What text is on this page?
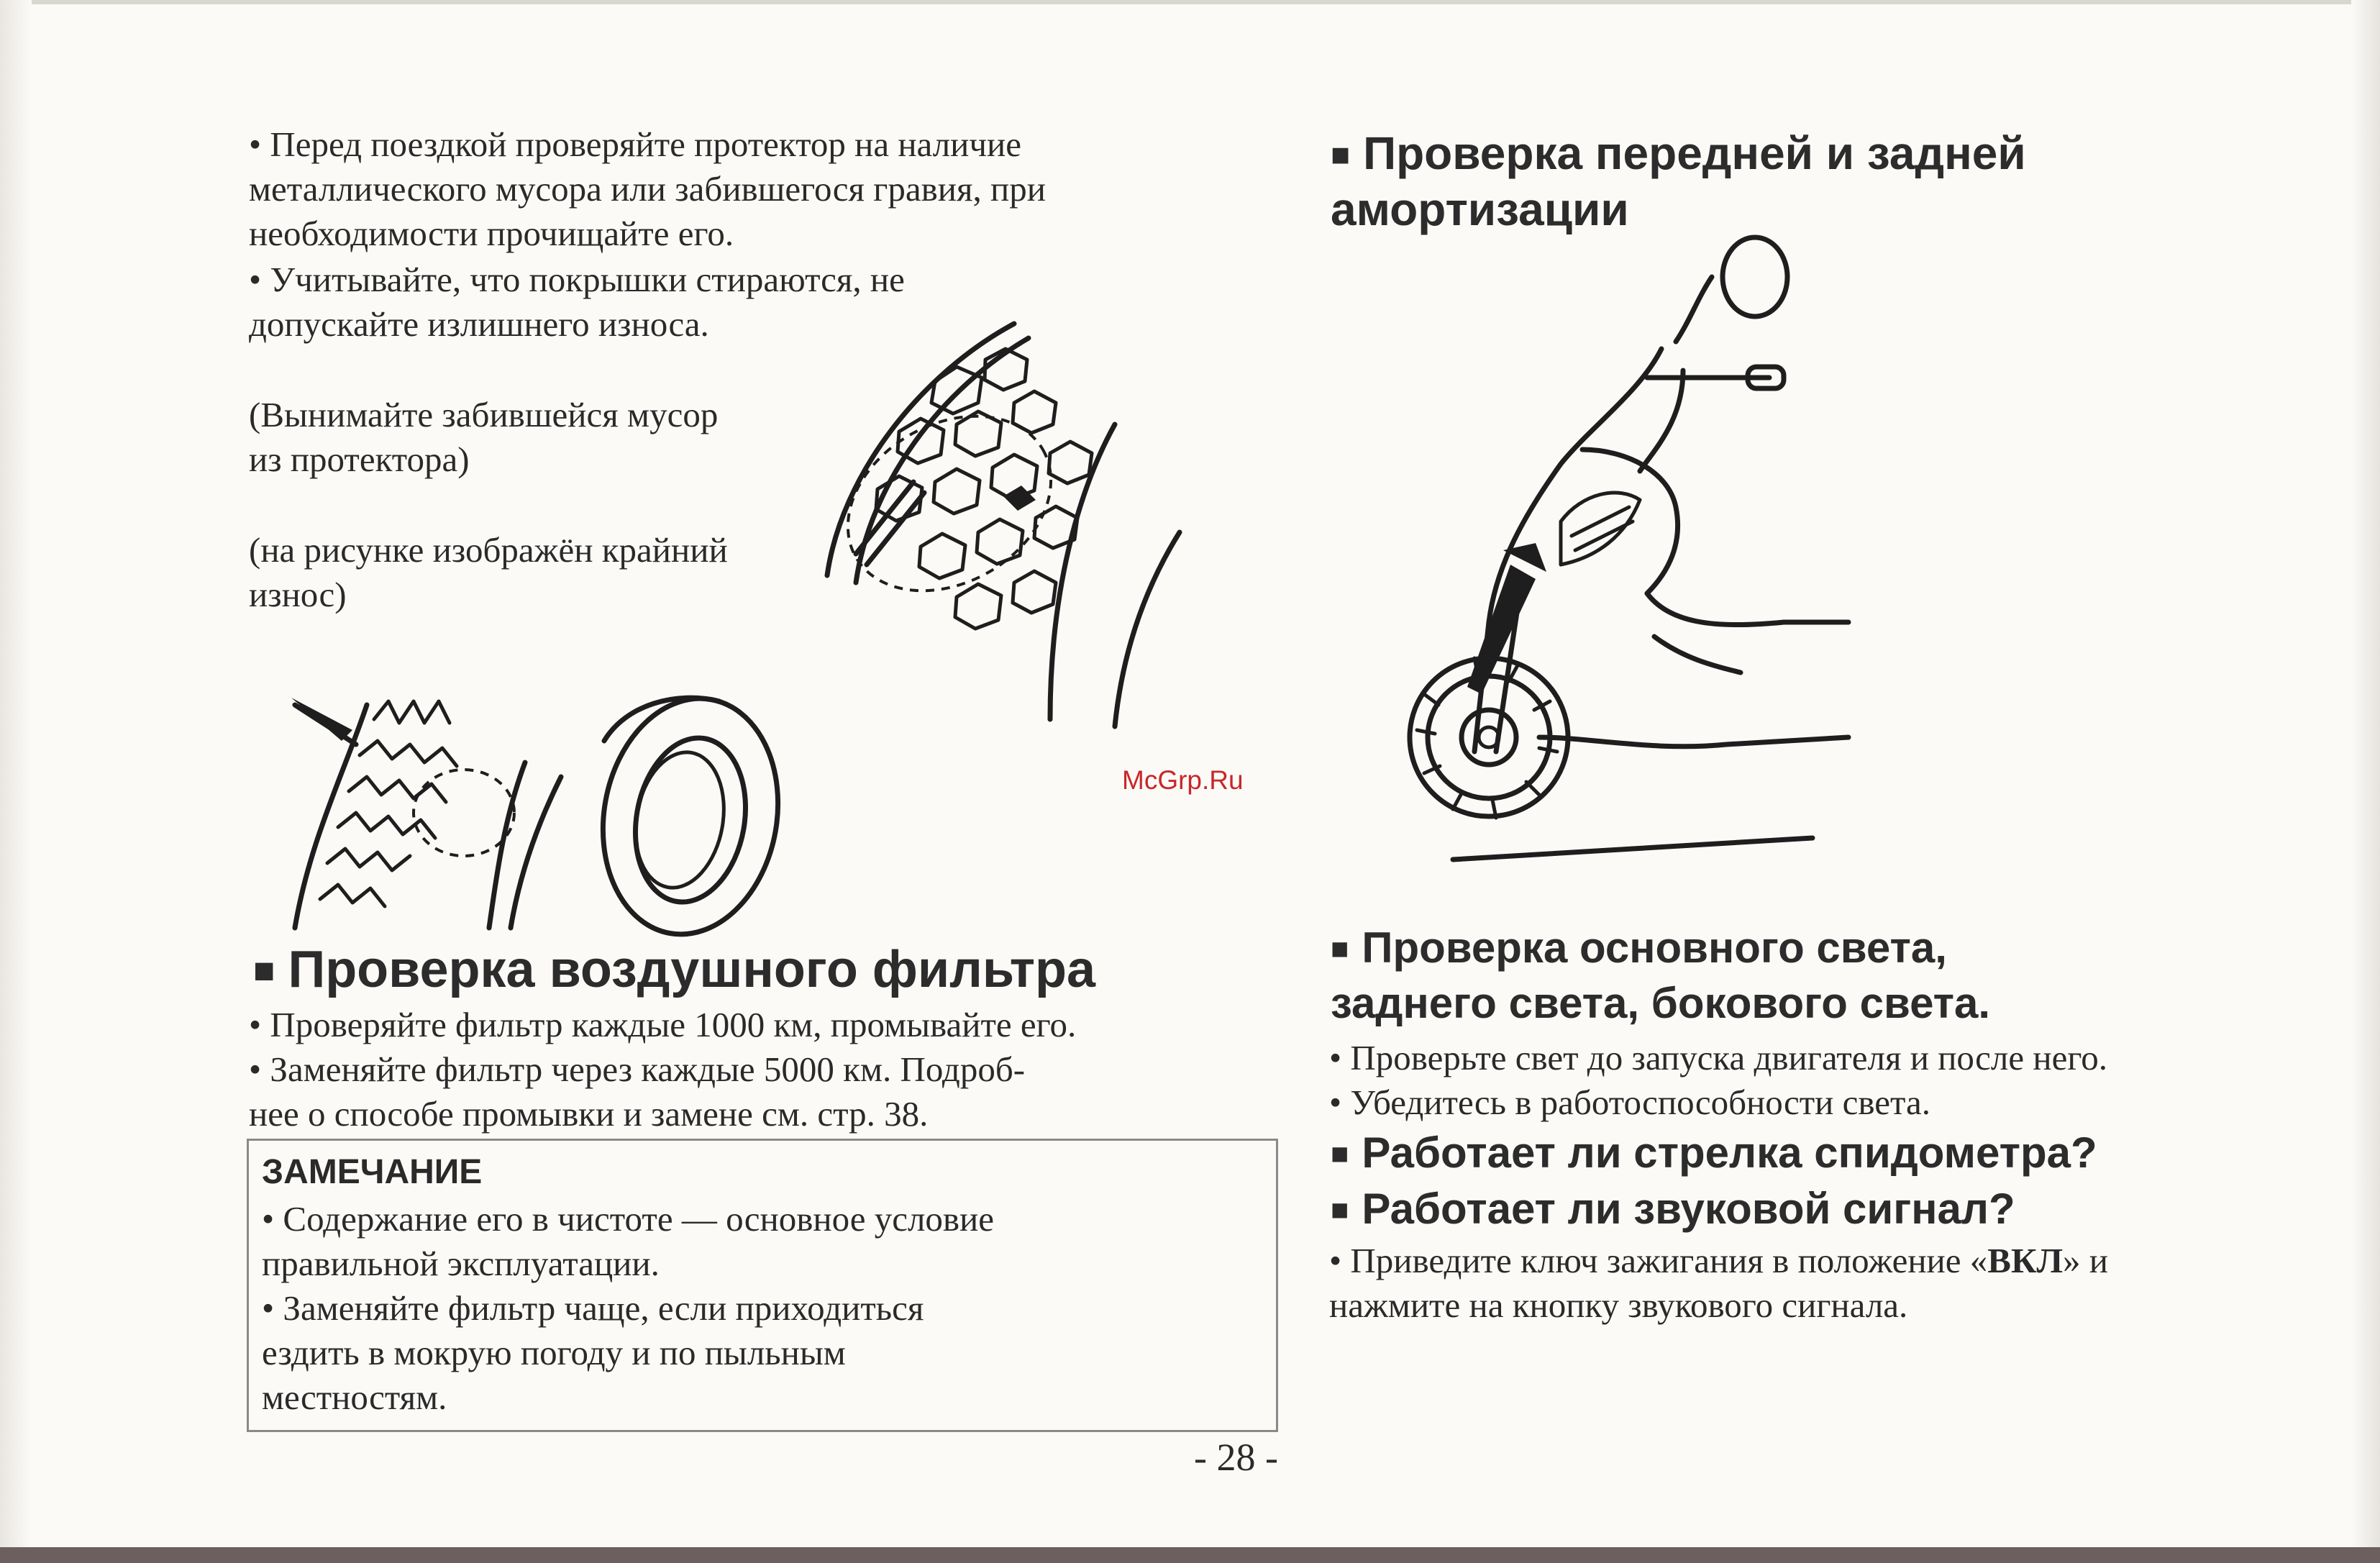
• Перед поездкой проверяйте протектор на наличие

металлического мусора или забившегося гравия, при

необходимости прочищайте его.

• Учитывайте, что покрышки стираются, не

допускайте излишнего износа.

(Вынимайте забившейся мусор

из протектора)

(на рисунке изображён крайний

износ)

■ Проверка воздушного фильтра

• Проверяйте фильтр каждые 1000 км, промывайте его.

• Заменяйте фильтр через каждые 5000 км. Подроб-

нее о способе промывки и замене см. стр. 38.

ЗАМЕЧАНИЕ

• Содержание его в чистоте — основное условие

правильной эксплуатации.

• Заменяйте фильтр чаще, если приходиться

ездить в мокрую погоду и по пыльным

местностям.

■ Проверка передней и задней
амортизации
■ Проверка основного света,
заднего света, бокового света.

• Проверьте свет до запуска двигателя и после него.

• Убедитесь в работоспособности света.

■ Работает ли стрелка спидометра?
■ Работает ли звуковой сигнал?

• Приведите ключ зажигания в положение «ВКЛ» и

нажмите на кнопку звукового сигнала.

McGrp.Ru
- 28 -
